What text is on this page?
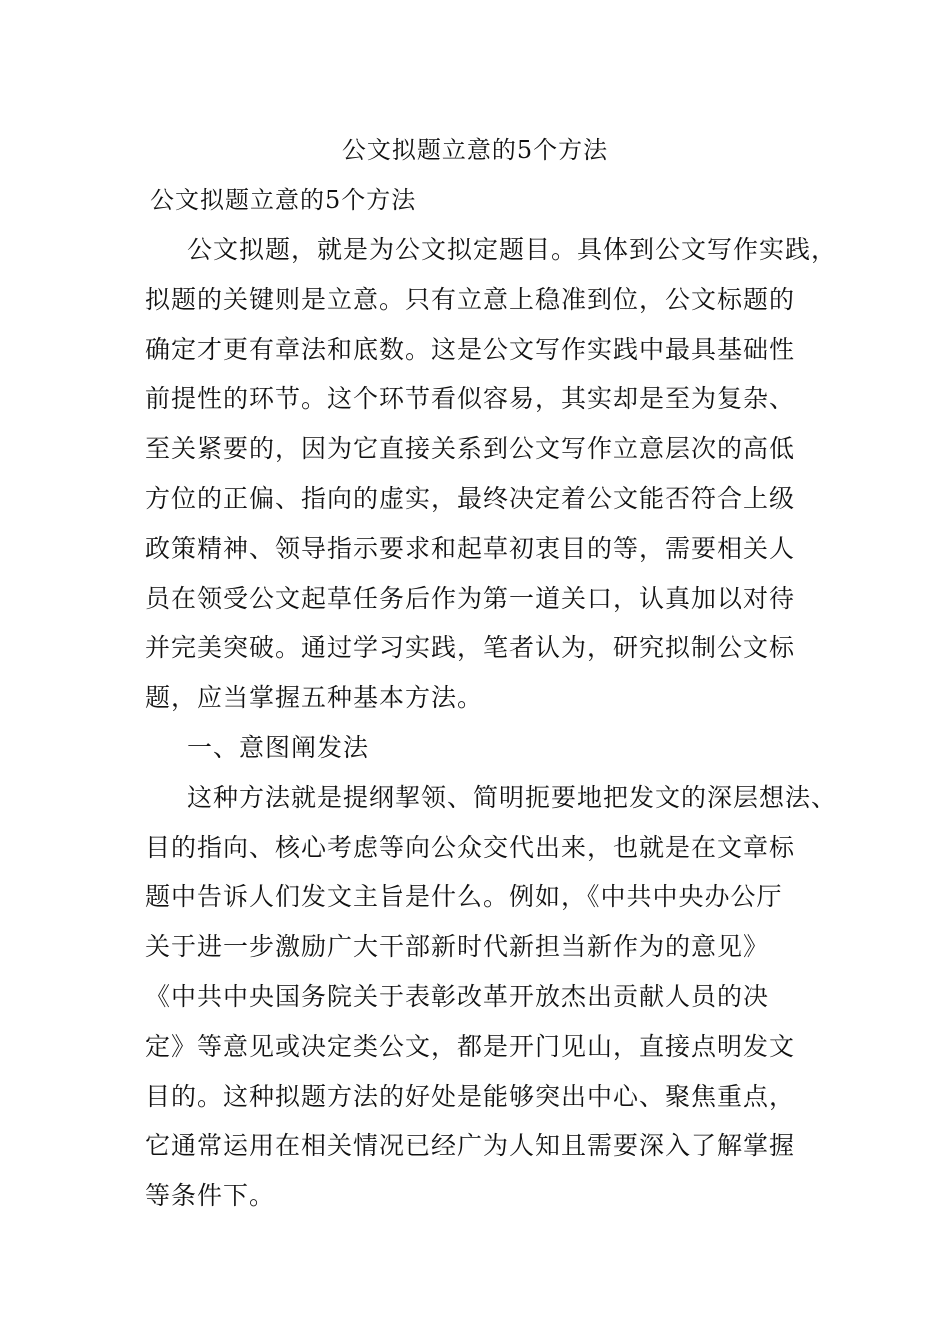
公文拟题立意的5个方法
公文拟题立意的5个方法
公文拟题，就是为公文拟定题目。具体到公文写作实践，
拟题的关键则是立意。只有立意上稳准到位，公文标题的
确定才更有章法和底数。这是公文写作实践中最具基础性
前提性的环节。这个环节看似容易，其实却是至为复杂、
至关紧要的，因为它直接关系到公文写作立意层次的高低
方位的正偏、指向的虚实，最终决定着公文能否符合上级
政策精神、领导指示要求和起草初衷目的等，需要相关人
员在领受公文起草任务后作为第一道关口，认真加以对待
并完美突破。通过学习实践，笔者认为，研究拟制公文标
题，应当掌握五种基本方法。
一、意图阐发法
这种方法就是提纲挈领、简明扼要地把发文的深层想法、
目的指向、核心考虑等向公众交代出来，也就是在文章标
题中告诉人们发文主旨是什么。例如，《中共中央办公厅
关于进一步激励广大干部新时代新担当新作为的意见》
《中共中央国务院关于表彰改革开放杰出贡献人员的决
定》等意见或决定类公文，都是开门见山，直接点明发文
目的。这种拟题方法的好处是能够突出中心、聚焦重点，
它通常运用在相关情况已经广为人知且需要深入了解掌握
等条件下。
